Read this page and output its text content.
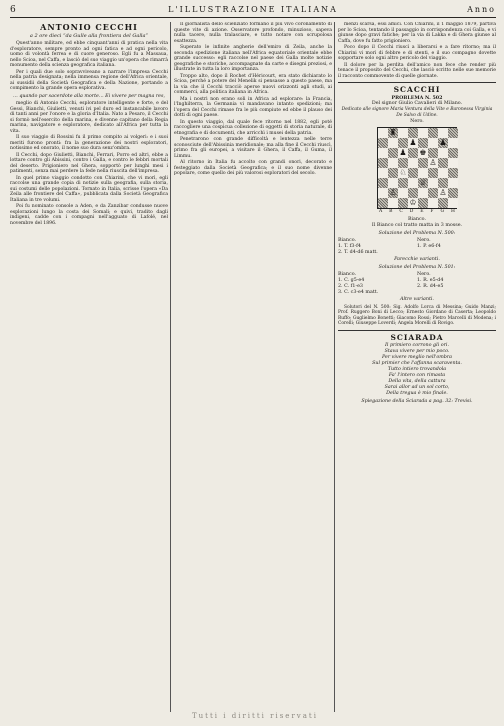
6	L'ILLUSTRAZIONE ITALIANA	Anno
ANTONIO CECCHI
a 2 ore dieci “da Gulle alla frontiera del Galla”

Quest'anno militare, ed ebbe cinquant'anni di pratica nella vita d'esploratore, sempre pronto ad ogni fatica e ad ogni pericolo, uomo di volontà ferrea e di cuore generoso. Egli fu a Massaua, nello Scioa, nel Caffa, e lasciò del suo viaggio un'opera che rimarrà monumento della scienza geografica italiana.

Per i quali due solo sopravviveano a narrare l'impresa Cecchi nella patria designata; nella immensa regione dell'Africa orientale, ai sussidii della Società Geografica e della Nazione, portando a compimento la grande opera esplorativa.

… quando par sacerdote alla morte… Ei vivere per magna res,

meglio di Antonio Cecchi, esploratore intelligente e forte, e del Gessi, Bianchi, Giulietti, venuti ivi pel duro ed instancabile lavoro di tanti anni per l'onore e la gloria d'Italia. Nato a Pesaro, il Cecchi si formò nell'esercito della marina, e divenne capitano della Regia marina, navigatore e esploratore, dedicato all'Africa per tutta la vita.

Il suo viaggio di Rossini fu il primo compito ai volgeri: e i suoi meriti furono pronti: fra la generazione dei nostri esploratori, notissimo ed onorato, il nome suo dura senz'ombra.

Il Cecchi, dopo Giulietti, Bianchi, Ferrari, Porro ed altri, ebbe a lottare contro gli Abissini, contro i Galla, e contro le febbri mortali del deserto. Prigioniero nel Ghera, sopportò per lunghi mesi i patimenti, senza mai perdere la fede nella riuscita dell'impresa.

In quel primo viaggio condotto con Chiarini, che vi morì, egli raccolse una grande copia di notizie sulla geografia, sulla storia, sui costumi delle popolazioni. Tornato in Italia, scrisse l'opera «Da Zeila alle frontiere del Caffa», pubblicata dalla Società Geografica Italiana in tre volumi.

Poi fu nominato console a Aden, e da Zanzibar condusse nuove esplorazioni lungo la costa dei Somali; e quivi, tradito dagli indigeni, cadde con i compagni nell'agguato di Lafolé, nel novembre del 1896.

Il giornalista dello scienziato formano il più vivo coronamento di queste vite di azione. Osservatore profondo, minuzioso, sapeva nulla tacere, nulla tralasciare, e tutto notare con scrupolosa esattezza.

Superato le infinite angherie dell'emiro di Zeila, anche la seconda spedizione italiana nell'Africa equatoriale orientale ebbe grande successo: egli raccolse nel paese dei Galla molte notizie geografiche e storiche, accompagnate da carte e disegni preziosi, e illustrate in tutta la loro importanza.

Troppo alto, dopo il Rochet d'Héricourt, era stato dichiarato lo Scioa, perché a potere del Menelik si pensasse a questo paese, ma la via che il Cecchi tracciò aperse nuovi orizzonti agli studi, ai commerci, alla politica italiana in Africa.

Ma i nostri non erano soli in Africa ad esplorare: la Francia, l'Inghilterra, la Germania vi mandavano intanto spedizioni; ma l'opera del Cecchi rimase fra le più compiute ed ebbe il plauso dei dotti di ogni paese.

In questo viaggio, dal quale fece ritorno nel 1882, egli poté raccogliere una cospicua collezione di oggetti di storia naturale, di etnografia e di documenti, che arricchì i musei della patria.

Penetrarono con grande difficoltà e lentezza nelle terre sconosciute dell'Abissinia meridionale; ma alla fine il Cecchi riuscì, primo fra gli europei, a visitare il Ghera, il Caffa, il Guma, il Limmu.

Al ritorno in Italia fu accolto con grandi onori, decorato e festeggiato dalla Società Geografica; e il suo nome divenne popolare, come quello dei più valorosi esploratori del secolo.

menzi scarsa, essi amici. Con Chiarini, il 1 maggio 1879, partiva per lo Scioa, tentando il passaggio in corrispondenza coi Galla, e vi giunse dopo gravi fatiche; per la via di Lakka e di Ghera giunse al Caffa, dove fu fatto prigioniero.

Poco dopo il Cecchi riuscì a liberarsi e a fare ritorno; ma il Chiarini vi morì di febbre e di stenti, e il suo compagno dovette sopportare solo ogni altro pericolo del viaggio.

Il dolore per la perdita dell'amico non fece che render più tenace il proposito del Cecchi, che lasciò scritto nelle sue memorie il racconto commovente di quelle giornate.

SCACCHI
PROBLEMA N. 502
Del signor Giulio Cavalieri di Milano.
Dedicato alle signore Maria Ventura della Vite e Baronessa Virginia De Salvo di Udine.
Nero.
♜
♟	♟
♟ ♚
♙
♘
♕
♙	♙
♔
A B C D E F G H
Bianco.
Il Bianco col tratto matta in 3 mosse.
Soluzione del Problema N. 500:
Bianco.	Nero.
1. T. f3-f4	1. P. e6-f4
2. T. d4-d6 matt.
Parecchie varianti.
Soluzione del Problema N. 501:
Bianco.	Nero.
1. C. g5-e4	1. R. e5-d4
2. C. f1-e3	2. R. d4-e5
3. C. c3-e4 matt.
Altre varianti.

Solutori del N. 500: Sig. Adolfo Lorca di Messina; Guido Manzi; Prof. Ruggero Boni di Lecco; Ernesto Giordano di Caserta; Leopoldo Ruffo; Guglielmo Bonetti; Giacomo Rossi; Pietro Marcelli di Modena; i Corelli; Giuseppe Loverdi; Angela Morelli di Rovigo.

SCIARADA
Il primiero corrono gli ori.
Stava vivere per mio poco.
Per vivere meglio nell'ombra
Sul primier che l'affanna scaraventa.
Tutto intiero trovandola
Fa' l'intero con rimasta
Della vita, della cattura
Sarai allor ad un sol corto,
Della tregua è mio finale.
Spiegazione della Sciarada a pag. 32: Trevisi.
Tutti i diritti riservati
